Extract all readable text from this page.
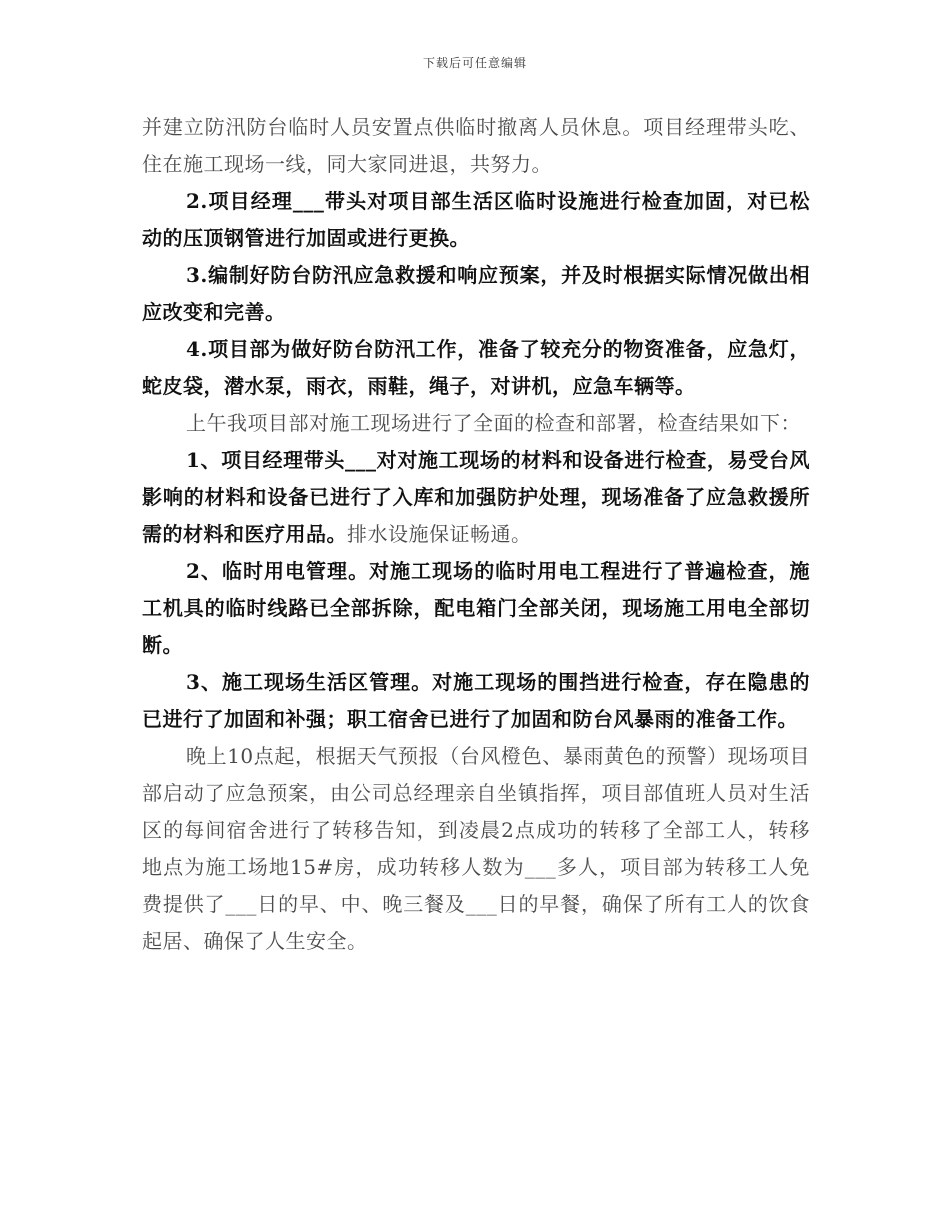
下载后可任意编辑

并建立防汛防台临时人员安置点供临时撤离人员休息。项目经理带头吃、住在施工现场一线，同大家同进退，共努力。

2.项目经理___带头对项目部生活区临时设施进行检查加固，对已松动的压顶钢管进行加固或进行更换。

3.编制好防台防汛应急救援和响应预案，并及时根据实际情况做出相应改变和完善。

4.项目部为做好防台防汛工作，准备了较充分的物资准备，应急灯，蛇皮袋，潜水泵，雨衣，雨鞋，绳子，对讲机，应急车辆等。

上午我项目部对施工现场进行了全面的检查和部署，检查结果如下：

1、项目经理带头___对对施工现场的材料和设备进行检查，易受台风影响的材料和设备已进行了入库和加强防护处理，现场准备了应急救援所需的材料和医疗用品。排水设施保证畅通。

2、临时用电管理。对施工现场的临时用电工程进行了普遍检查，施工机具的临时线路已全部拆除，配电箱门全部关闭，现场施工用电全部切断。

3、施工现场生活区管理。对施工现场的围挡进行检查，存在隐患的已进行了加固和补强；职工宿舍已进行了加固和防台风暴雨的准备工作。

晚上10点起，根据天气预报（台风橙色、暴雨黄色的预警）现场项目部启动了应急预案，由公司总经理亲自坐镇指挥，项目部值班人员对生活区的每间宿舍进行了转移告知，到凌晨2点成功的转移了全部工人，转移地点为施工场地15#房，成功转移人数为___多人，项目部为转移工人免费提供了___日的早、中、晚三餐及___日的早餐，确保了所有工人的饮食起居、确保了人生安全。
